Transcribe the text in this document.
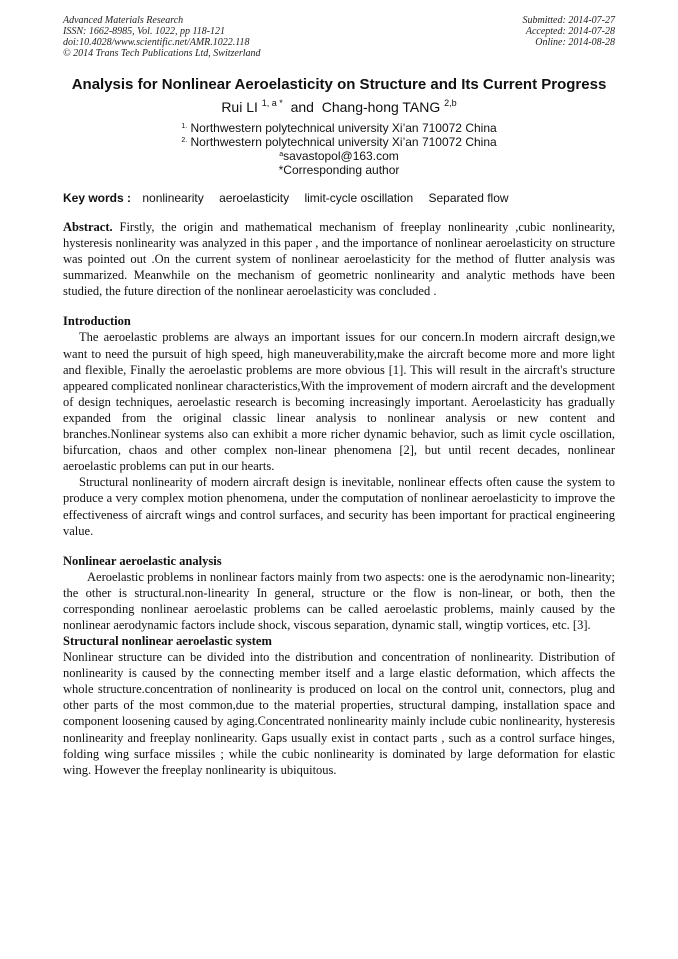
Advanced Materials Research
ISSN: 1662-8985, Vol. 1022, pp 118-121
doi:10.4028/www.scientific.net/AMR.1022.118
© 2014 Trans Tech Publications Ltd, Switzerland
Submitted: 2014-07-27
Accepted: 2014-07-28
Online: 2014-08-28
Analysis for Nonlinear Aeroelasticity on Structure and Its Current Progress
Rui LI $^{1, a *}$ and Chang-hong TANG $^{2,b}$
$^{1.}$ Northwestern polytechnical university Xi’an 710072 China
$^{2.}$ Northwestern polytechnical university Xi’an 710072 China
$^a$savastopol@163.com
*Corresponding author
Key words : nonlinearity aeroelasticity limit-cycle oscillation Separated flow

Abstract. Firstly, the origin and mathematical mechanism of freeplay nonlinearity ,cubic nonlinearity, hysteresis nonlinearity was analyzed in this paper , and the importance of nonlinear aeroelasticity on structure was pointed out .On the current system of nonlinear aeroelasticity for the method of flutter analysis was summarized. Meanwhile on the mechanism of geometric nonlinearity and analytic methods have been studied, the future direction of the nonlinear aeroelasticity was concluded .

Introduction

The aeroelastic problems are always an important issues for our concern.In modern aircraft design,we want to need the pursuit of high speed, high maneuverability,make the aircraft become more and more light and flexible, Finally the aeroelastic problems are more obvious [1]. This will result in the aircraft's structure appeared complicated nonlinear characteristics,With the improvement of modern aircraft and the development of design techniques, aeroelastic research is becoming increasingly important. Aeroelasticity has gradually expanded from the original classic linear analysis to nonlinear analysis or new content and branches.Nonlinear systems also can exhibit a more richer dynamic behavior, such as limit cycle oscillation, bifurcation, chaos and other complex non-linear phenomena [2], but until recent decades, nonlinear aeroelastic problems can put in our hearts.

Structural nonlinearity of modern aircraft design is inevitable, nonlinear effects often cause the system to produce a very complex motion phenomena, under the computation of nonlinear aeroelasticity to improve the effectiveness of aircraft wings and control surfaces, and security has been important for practical engineering value.

Nonlinear aeroelastic analysis

Aeroelastic problems in nonlinear factors mainly from two aspects: one is the aerodynamic non-linearity; the other is structural.non-linearity In general, structure or the flow is non-linear, or both, then the corresponding nonlinear aeroelastic problems can be called aeroelastic problems, mainly caused by the nonlinear aerodynamic factors include shock, viscous separation, dynamic stall, wingtip vortices, etc. [3].

Structural nonlinear aeroelastic system

Nonlinear structure can be divided into the distribution and concentration of nonlinearity. Distribution of nonlinearity is caused by the connecting member itself and a large elastic deformation, which affects the whole structure.concentration of nonlinearity is produced on local on the control unit, connectors, plug and other parts of the most common,due to the material properties, structural damping, installation space and component loosening caused by aging.Concentrated nonlinearity mainly include cubic nonlinearity, hysteresis nonlinearity and freeplay nonlinearity. Gaps usually exist in contact parts , such as a control surface hinges, folding wing surface missiles ; while the cubic nonlinearity is dominated by large deformation for elastic wing. However the freeplay nonlinearity is ubiquitous.
